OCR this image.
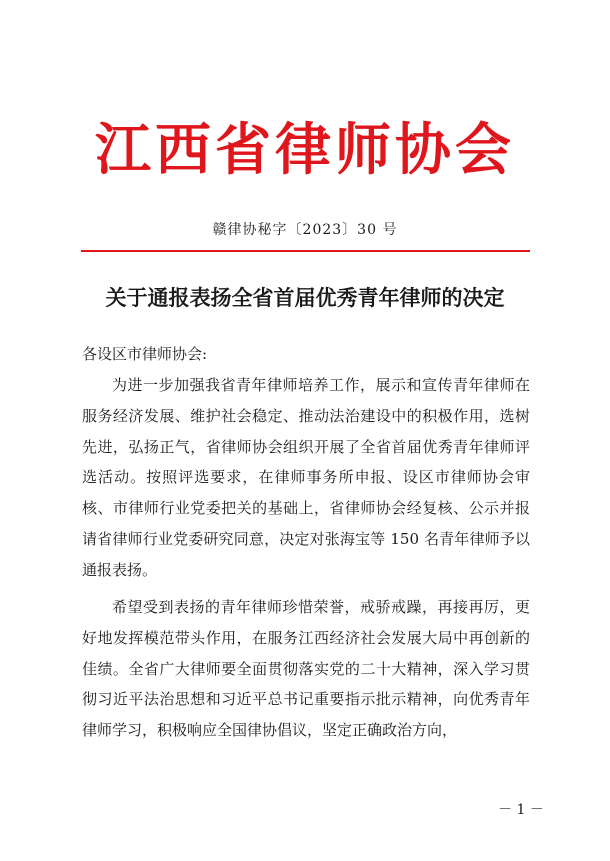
江西省律师协会
赣律协秘字〔2023〕30 号
关于通报表扬全省首届优秀青年律师的决定
各设区市律师协会:

为进一步加强我省青年律师培养工作，展示和宣传青年律师在服务经济发展、维护社会稳定、推动法治建设中的积极作用，选树先进，弘扬正气，省律师协会组织开展了全省首届优秀青年律师评选活动。按照评选要求，在律师事务所申报、设区市律师协会审核、市律师行业党委把关的基础上，省律师协会经复核、公示并报请省律师行业党委研究同意，决定对张海宝等 150 名青年律师予以通报表扬。

希望受到表扬的青年律师珍惜荣誉，戒骄戒躁，再接再厉，更好地发挥模范带头作用，在服务江西经济社会发展大局中再创新的佳绩。全省广大律师要全面贯彻落实党的二十大精神，深入学习贯彻习近平法治思想和习近平总书记重要指示批示精神，向优秀青年律师学习，积极响应全国律协倡议，坚定正确政治方向，

－ 1 －
